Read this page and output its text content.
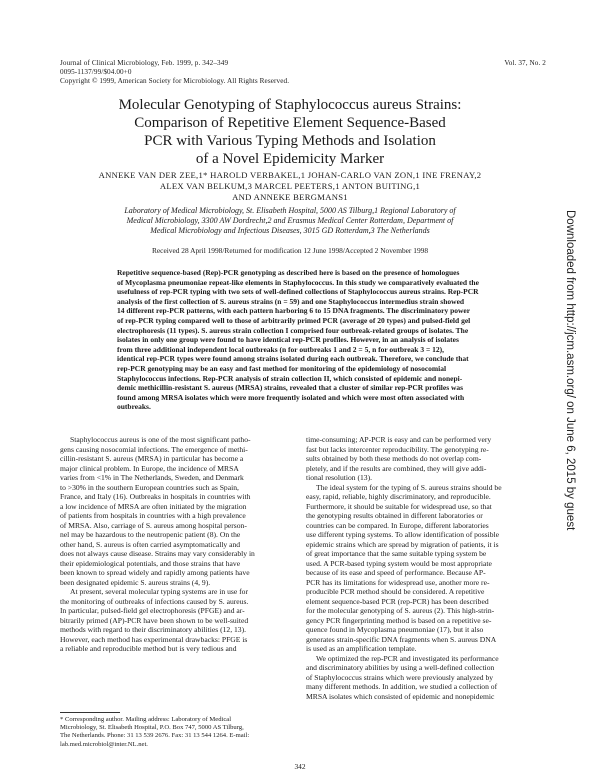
Journal of Clinical Microbiology, Feb. 1999, p. 342–349
0095-1137/99/$04.00+0
Copyright © 1999, American Society for Microbiology. All Rights Reserved.
Vol. 37, No. 2
Molecular Genotyping of Staphylococcus aureus Strains:
Comparison of Repetitive Element Sequence-Based
PCR with Various Typing Methods and Isolation
of a Novel Epidemicity Marker
ANNEKE VAN DER ZEE,1* HAROLD VERBAKEL,1 JOHAN-CARLO VAN ZON,1 INE FRENAY,2
ALEX VAN BELKUM,3 MARCEL PEETERS,1 ANTON BUITING,1
AND ANNEKE BERGMANS1
Laboratory of Medical Microbiology, St. Elisabeth Hospital, 5000 AS Tilburg,1 Regional Laboratory of
Medical Microbiology, 3300 AW Dordrecht,2 and Erasmus Medical Center Rotterdam, Department of
Medical Microbiology and Infectious Diseases, 3015 GD Rotterdam,3 The Netherlands
Received 28 April 1998/Returned for modification 12 June 1998/Accepted 2 November 1998
Repetitive sequence-based (Rep)-PCR genotyping as described here is based on the presence of homologues
of Mycoplasma pneumoniae repeat-like elements in Staphylococcus. In this study we comparatively evaluated the
usefulness of rep-PCR typing with two sets of well-defined collections of Staphylococcus aureus strains. Rep-PCR
analysis of the first collection of S. aureus strains (n = 59) and one Staphylococcus intermedius strain showed
14 different rep-PCR patterns, with each pattern harboring 6 to 15 DNA fragments. The discriminatory power
of rep-PCR typing compared well to those of arbitrarily primed PCR (average of 20 types) and pulsed-field gel
electrophoresis (11 types). S. aureus strain collection I comprised four outbreak-related groups of isolates. The
isolates in only one group were found to have identical rep-PCR profiles. However, in an analysis of isolates
from three additional independent local outbreaks (n for outbreaks 1 and 2 = 5, n for outbreak 3 = 12),
identical rep-PCR types were found among strains isolated during each outbreak. Therefore, we conclude that
rep-PCR genotyping may be an easy and fast method for monitoring of the epidemiology of nosocomial
Staphylococcus infections. Rep-PCR analysis of strain collection II, which consisted of epidemic and nonepi-
demic methicillin-resistant S. aureus (MRSA) strains, revealed that a cluster of similar rep-PCR profiles was
found among MRSA isolates which were more frequently isolated and which were most often associated with
outbreaks.
Staphylococcus aureus is one of the most significant patho-
gens causing nosocomial infections. The emergence of methi-
cillin-resistant S. aureus (MRSA) in particular has become a
major clinical problem. In Europe, the incidence of MRSA
varies from <1% in The Netherlands, Sweden, and Denmark
to >30% in the southern European countries such as Spain,
France, and Italy (16). Outbreaks in hospitals in countries with
a low incidence of MRSA are often initiated by the migration
of patients from hospitals in countries with a high prevalence
of MRSA. Also, carriage of S. aureus among hospital person-
nel may be hazardous to the neutropenic patient (8). On the
other hand, S. aureus is often carried asymptomatically and
does not always cause disease. Strains may vary considerably in
their epidemiological potentials, and those strains that have
been known to spread widely and rapidly among patients have
been designated epidemic S. aureus strains (4, 9).
At present, several molecular typing systems are in use for
the monitoring of outbreaks of infections caused by S. aureus.
In particular, pulsed-field gel electrophoresis (PFGE) and ar-
bitrarily primed (AP)-PCR have been shown to be well-suited
methods with regard to their discriminatory abilities (12, 13).
However, each method has experimental drawbacks: PFGE is
a reliable and reproducible method but is very tedious and
time-consuming; AP-PCR is easy and can be performed very
fast but lacks intercenter reproducibility. The genotyping re-
sults obtained by both these methods do not overlap com-
pletely, and if the results are combined, they will give addi-
tional resolution (13).
The ideal system for the typing of S. aureus strains should be
easy, rapid, reliable, highly discriminatory, and reproducible.
Furthermore, it should be suitable for widespread use, so that
the genotyping results obtained in different laboratories or
countries can be compared. In Europe, different laboratories
use different typing systems. To allow identification of possible
epidemic strains which are spread by migration of patients, it is
of great importance that the same suitable typing system be
used. A PCR-based typing system would be most appropriate
because of its ease and speed of performance. Because AP-
PCR has its limitations for widespread use, another more re-
producible PCR method should be considered. A repetitive
element sequence-based PCR (rep-PCR) has been described
for the molecular genotyping of S. aureus (2). This high-strin-
gency PCR fingerprinting method is based on a repetitive se-
quence found in Mycoplasma pneumoniae (17), but it also
generates strain-specific DNA fragments when S. aureus DNA
is used as an amplification template.
We optimized the rep-PCR and investigated its performance
and discriminatory abilities by using a well-defined collection
of Staphylococcus strains which were previously analyzed by
many different methods. In addition, we studied a collection of
MRSA isolates which consisted of epidemic and nonepidemic
* Corresponding author. Mailing address: Laboratory of Medical
Microbiology, St. Elisabeth Hospital, P.O. Box 747, 5000 AS Tilburg,
The Netherlands. Phone: 31 13 539 2676. Fax: 31 13 544 1264. E-mail:
lab.med.microbiol@inter.NL.net.
342
Downloaded from http://jcm.asm.org/ on June 6, 2015 by guest
